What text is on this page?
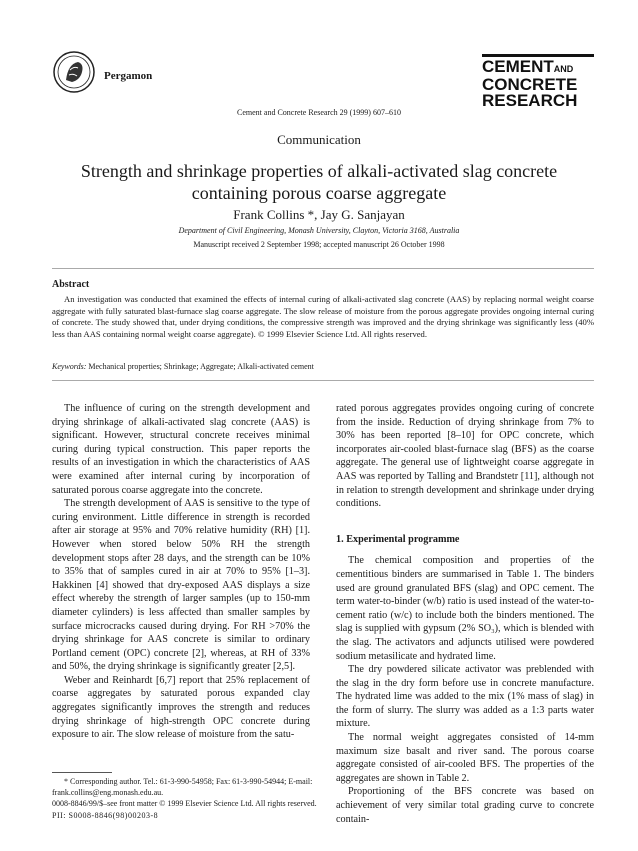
Pergamon	CEMENTAND
CONCRETE
RESEARCH
Cement and Concrete Research 29 (1999) 607–610
Communication
Strength and shrinkage properties of alkali-activated slag concrete containing porous coarse aggregate
Frank Collins *, Jay G. Sanjayan
Department of Civil Engineering, Monash University, Clayton, Victoria 3168, Australia
Manuscript received 2 September 1998; accepted manuscript 26 October 1998
Abstract

An investigation was conducted that examined the effects of internal curing of alkali-activated slag concrete (AAS) by replacing normal weight coarse aggregate with fully saturated blast-furnace slag coarse aggregate. The slow release of moisture from the porous aggregate provides ongoing internal curing of concrete. The study showed that, under drying conditions, the compressive strength was improved and the drying shrinkage was significantly less (40% less than AAS containing normal weight coarse aggregate). © 1999 Elsevier Science Ltd. All rights reserved.

Keywords: Mechanical properties; Shrinkage; Aggregate; Alkali-activated cement

The influence of curing on the strength development and drying shrinkage of alkali-activated slag concrete (AAS) is significant. However, structural concrete receives minimal curing during typical construction. This paper reports the results of an investigation in which the characteristics of AAS were examined after internal curing by incorporation of saturated porous coarse aggregate into the concrete.

The strength development of AAS is sensitive to the type of curing environment. Little difference in strength is recorded after air storage at 95% and 70% relative humidity (RH) [1]. However when stored below 50% RH the strength development stops after 28 days, and the strength can be 10% to 35% that of samples cured in air at 70% to 95% [1–3]. Hakkinen [4] showed that dry-exposed AAS displays a size effect whereby the strength of larger samples (up to 150-mm diameter cylinders) is less affected than smaller samples by surface microcracks caused during drying. For RH >70% the drying shrinkage for AAS concrete is similar to ordinary Portland cement (OPC) concrete [2], whereas, at RH of 33% and 50%, the drying shrinkage is significantly greater [2,5].

Weber and Reinhardt [6,7] report that 25% replacement of coarse aggregates by saturated porous expanded clay aggregates significantly improves the strength and reduces drying shrinkage of high-strength OPC concrete during exposure to air. The slow release of moisture from the satu-

rated porous aggregates provides ongoing curing of concrete from the inside. Reduction of drying shrinkage from 7% to 30% has been reported [8–10] for OPC concrete, which incorporates air-cooled blast-furnace slag (BFS) as the coarse aggregate. The general use of lightweight coarse aggregate in AAS was reported by Talling and Brandstetr [11], although not in relation to strength development and shrinkage under drying conditions.

1. Experimental programme

The chemical composition and properties of the cementitious binders are summarised in Table 1. The binders used are ground granulated BFS (slag) and OPC cement. The term water-to-binder (w/b) ratio is used instead of the water-to-cement ratio (w/c) to include both the binders mentioned. The slag is supplied with gypsum (2% SO₃), which is blended with the slag. The activators and adjuncts utilised were powdered sodium metasilicate and hydrated lime.

The dry powdered silicate activator was preblended with the slag in the dry form before use in concrete manufacture. The hydrated lime was added to the mix (1% mass of slag) in the form of slurry. The slurry was added as a 1:3 parts water mixture.

The normal weight aggregates consisted of 14-mm maximum size basalt and river sand. The porous coarse aggregate consisted of air-cooled BFS. The properties of the aggregates are shown in Table 2.

Proportioning of the BFS concrete was based on achievement of very similar total grading curve to concrete contain-

* Corresponding author. Tel.: 61-3-990-54958; Fax: 61-3-990-54944; E-mail: frank.collins@eng.monash.edu.au.
0008-8846/99/$–see front matter © 1999 Elsevier Science Ltd. All rights reserved.
PII: S0008-8846(98)00203-8
